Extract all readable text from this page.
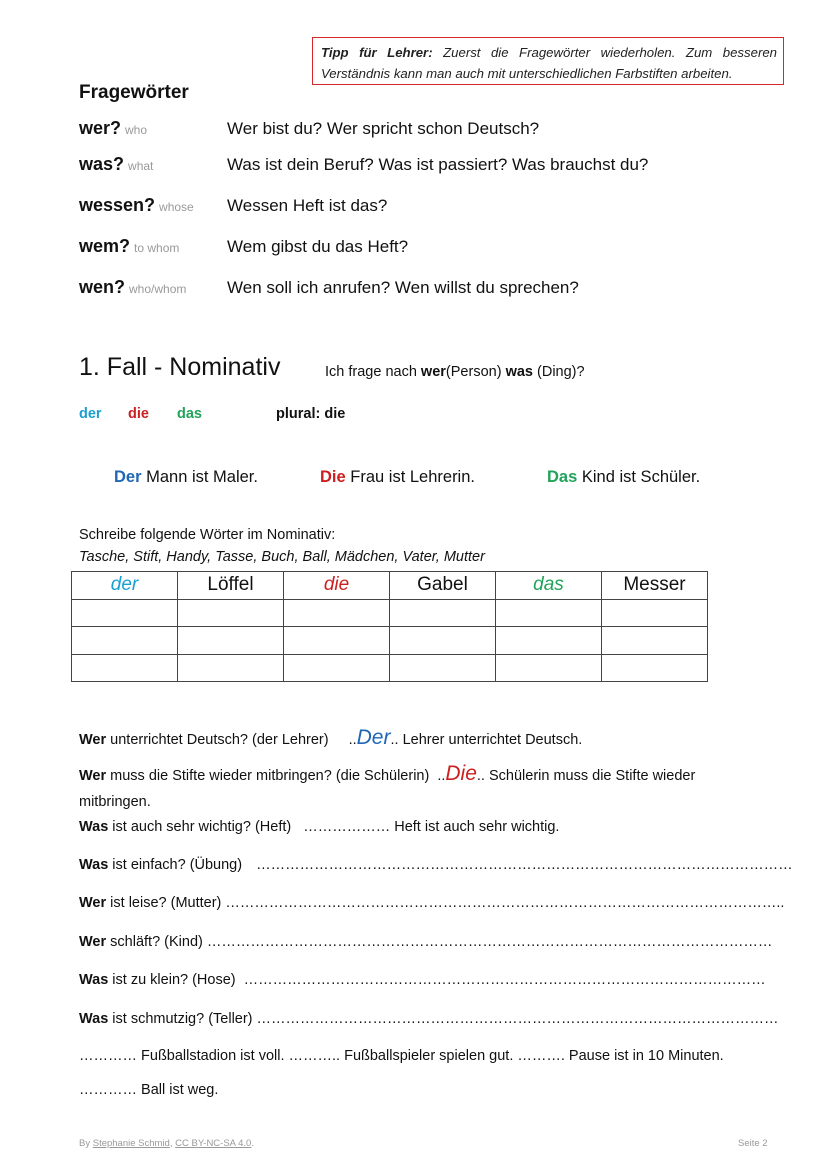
Tipp für Lehrer: Zuerst die Fragewörter wiederholen. Zum besseren Verständnis kann man auch mit unterschiedlichen Farbstiften arbeiten.
Fragewörter
wer? who	Wer bist du? Wer spricht schon Deutsch?
was? what	Was ist dein Beruf? Was ist passiert? Was brauchst du?
wessen? whose Wessen Heft ist das?
wem? to whom	Wem gibst du das Heft?
wen? who/whom Wen soll ich anrufen? Wen willst du sprechen?
1. Fall - Nominativ	Ich frage nach wer(Person) was (Ding)?
der die das	plural: die
Der Mann ist Maler.	Die Frau ist Lehrerin.	Das Kind ist Schüler.
Schreibe folgende Wörter im Nominativ:
Tasche, Stift, Handy, Tasse, Buch, Ball, Mädchen, Vater, Mutter
der	Löffel	die	Gabel	das	Messer

Wer unterrichtet Deutsch? (der Lehrer) ..Der.. Lehrer unterrichtet Deutsch.
Wer muss die Stifte wieder mitbringen? (die Schülerin) ..Die.. Schülerin muss die Stifte wieder
mitbringen.
Was ist auch sehr wichtig? (Heft) ……………… Heft ist auch sehr wichtig.
Was ist einfach? (Übung) …………………………………………………………………………………………………
Wer ist leise? (Mutter) ……………………………………………………………………………………………………..
Wer schläft? (Kind) ………………………………………………………………………………………………………
Was ist zu klein? (Hose) ………………………………………………………………………………………………
Was ist schmutzig? (Teller) ………………………………………………………………………………………………
………… Fußballstadion ist voll. ……….. Fußballspieler spielen gut. ………. Pause ist in 10 Minuten.
………… Ball ist weg.
By Stephanie Schmid, CC BY-NC-SA 4.0.	Seite 2
